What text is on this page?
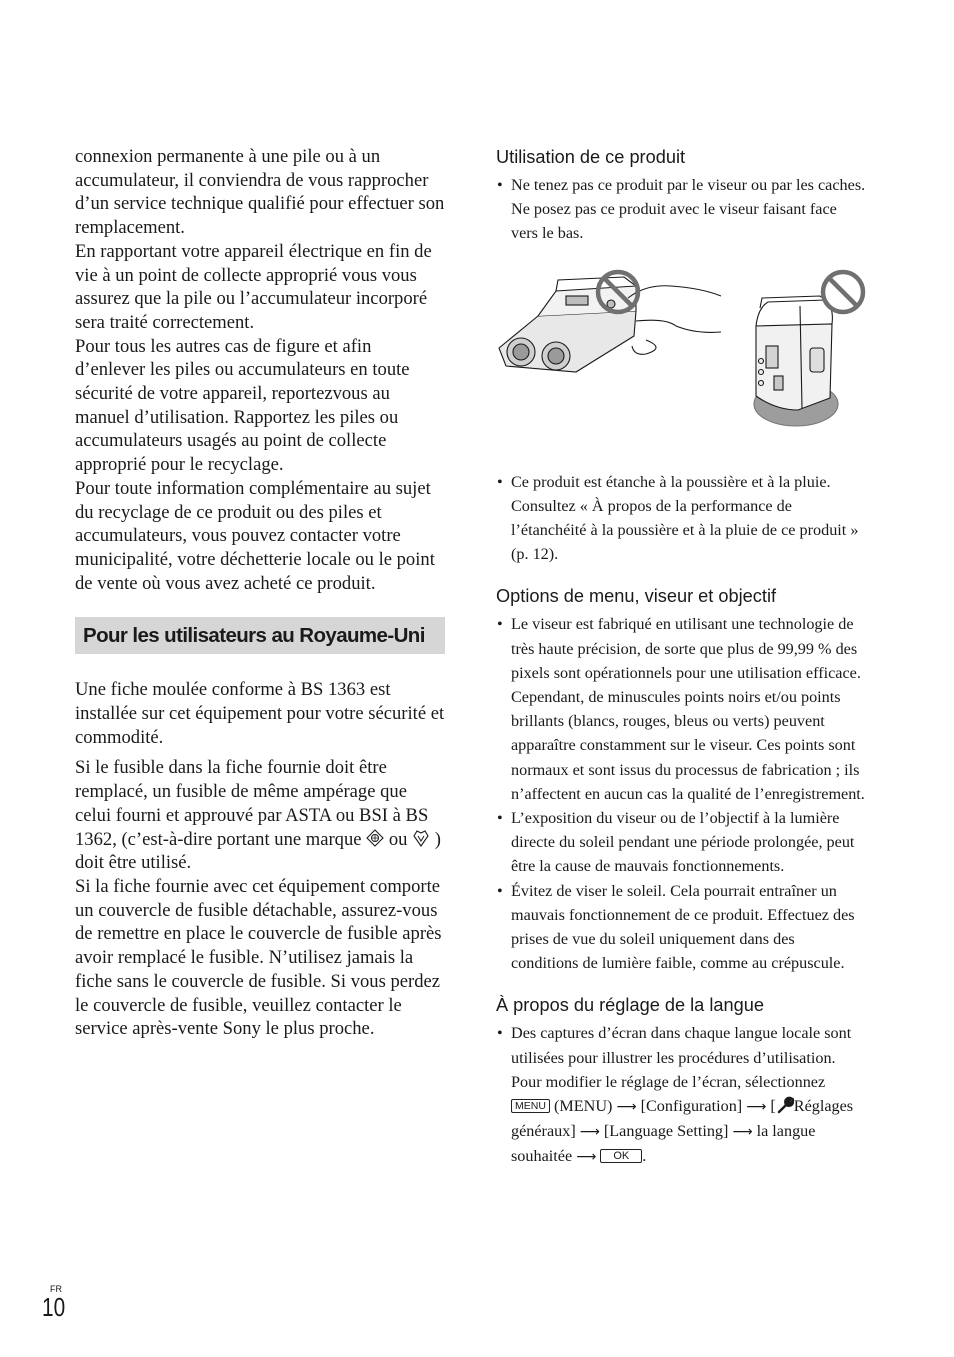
connexion permanente à une pile ou à un accumulateur, il conviendra de vous rapprocher d’un service technique qualifié pour effectuer son remplacement.

En rapportant votre appareil électrique en fin de vie à un point de collecte approprié vous vous assurez que la pile ou l’accumulateur incorporé sera traité correctement.

Pour tous les autres cas de figure et afin d’enlever les piles ou accumulateurs en toute sécurité de votre appareil, reportezvous au manuel d’utilisation. Rapportez les piles ou accumulateurs usagés au point de collecte approprié pour le recyclage.

Pour toute information complémentaire au sujet du recyclage de ce produit ou des piles et accumulateurs, vous pouvez contacter votre municipalité, votre déchetterie locale ou le point de vente où vous avez acheté ce produit.

Pour les utilisateurs au Royaume-Uni

Une fiche moulée conforme à BS 1363 est installée sur cet équipement pour votre sécurité et commodité.

Si le fusible dans la fiche fournie doit être remplacé, un fusible de même ampérage que celui fourni et approuvé par ASTA ou BSI à BS 1362, (c’est-à-dire portant une marque ou ) doit être utilisé.

Si la fiche fournie avec cet équipement comporte un couvercle de fusible détachable, assurez-vous de remettre en place le couvercle de fusible après avoir remplacé le fusible. N’utilisez jamais la fiche sans le couvercle de fusible. Si vous perdez le couvercle de fusible, veuillez contacter le service après-vente Sony le plus proche.

Utilisation de ce produit
• Ne tenez pas ce produit par le viseur ou par les caches. Ne posez pas ce produit avec le viseur faisant face vers le bas.
• Ce produit est étanche à la poussière et à la pluie. Consultez « À propos de la performance de l’étanchéité à la poussière et à la pluie de ce produit » (p. 12).
Options de menu, viseur et objectif
• Le viseur est fabriqué en utilisant une technologie de très haute précision, de sorte que plus de 99,99 % des pixels sont opérationnels pour une utilisation efficace. Cependant, de minuscules points noirs et/ou points brillants (blancs, rouges, bleus ou verts) peuvent apparaître constamment sur le viseur. Ces points sont normaux et sont issus du processus de fabrication ; ils n’affectent en aucun cas la qualité de l’enregistrement.
• L’exposition du viseur ou de l’objectif à la lumière directe du soleil pendant une période prolongée, peut être la cause de mauvais fonctionnements.
• Évitez de viser le soleil. Cela pourrait entraîner un mauvais fonctionnement de ce produit. Effectuez des prises de vue du soleil uniquement dans des conditions de lumière faible, comme au crépuscule.
À propos du réglage de la langue
• Des captures d’écran dans chaque langue locale sont utilisées pour illustrer les procédures d’utilisation. Pour modifier le réglage de l’écran, sélectionnez MENU (MENU) ⟶ [Configuration] ⟶ [ Réglages généraux] ⟶ [Language Setting] ⟶ la langue souhaitée ⟶ OK .
FR
10
